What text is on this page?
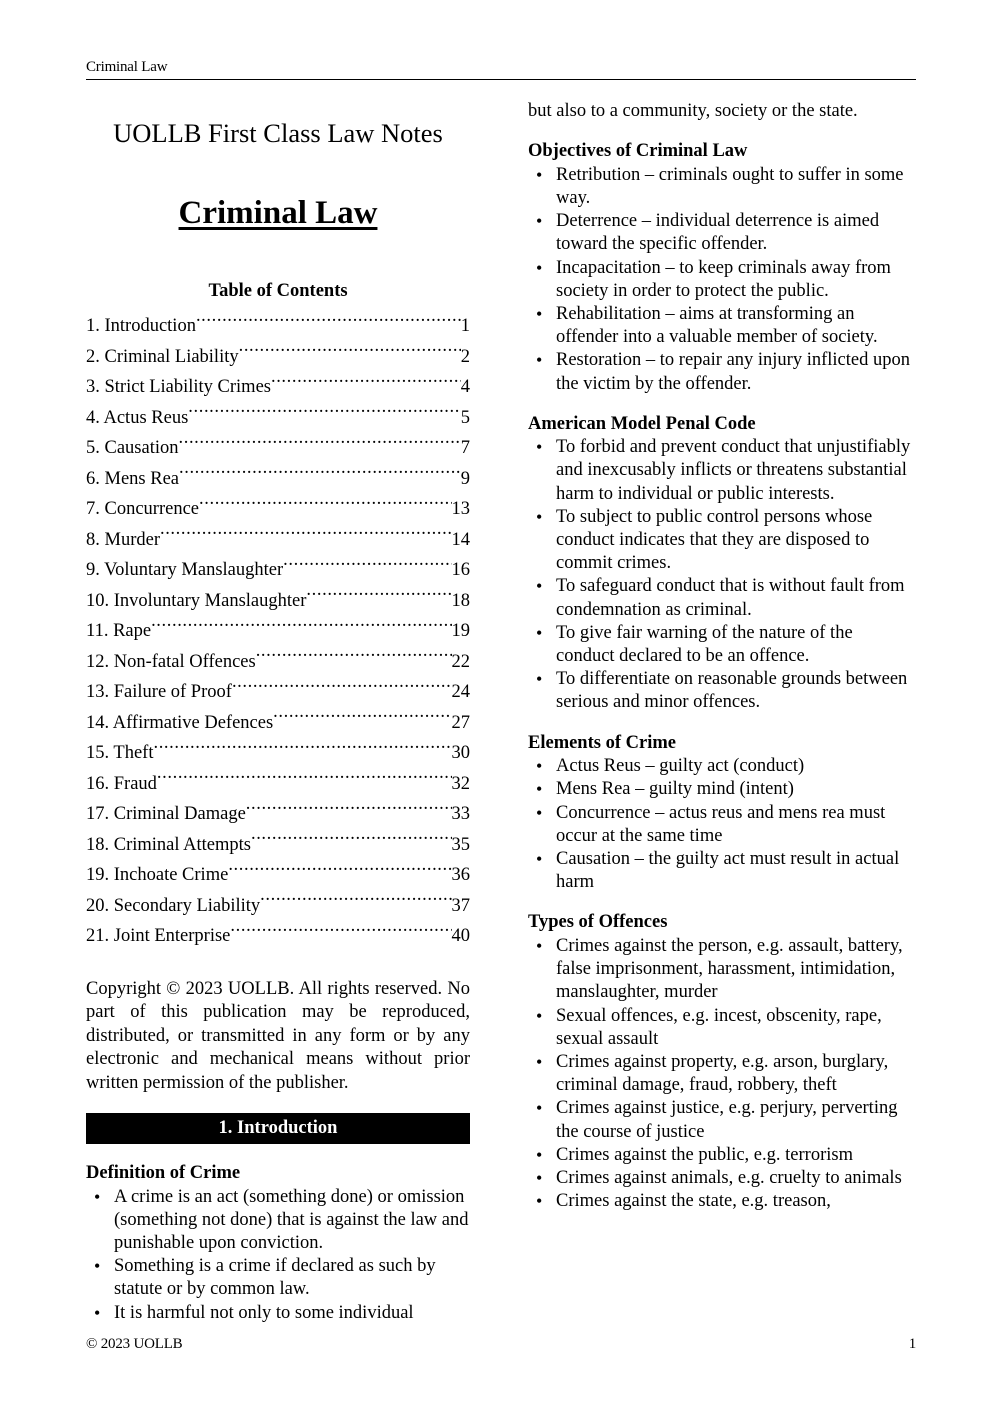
Criminal Law
UOLLB First Class Law Notes
Criminal Law
Table of Contents
1. Introduction .....	1
2. Criminal Liability .....	2
3. Strict Liability Crimes .....	4
4. Actus Reus .....	5
5. Causation .....	7
6. Mens Rea .....	9
7. Concurrence .....	13
8. Murder .....	14
9. Voluntary Manslaughter .....	16
10. Involuntary Manslaughter .....	18
11. Rape .....	19
12. Non-fatal Offences .....	22
13. Failure of Proof .....	24
14. Affirmative Defences .....	27
15. Theft .....	30
16. Fraud .....	32
17. Criminal Damage .....	33
18. Criminal Attempts .....	35
19. Inchoate Crime .....	36
20. Secondary Liability .....	37
21. Joint Enterprise .....	40
Copyright © 2023 UOLLB. All rights reserved. No part of this publication may be reproduced, distributed, or transmitted in any form or by any electronic and mechanical means without prior written permission of the publisher.
1. Introduction
Definition of Crime
• A crime is an act (something done) or omission (something not done) that is against the law and punishable upon conviction.
• Something is a crime if declared as such by statute or by common law.
• It is harmful not only to some individual
but also to a community, society or the state.
Objectives of Criminal Law
• Retribution – criminals ought to suffer in some way.
• Deterrence – individual deterrence is aimed toward the specific offender.
• Incapacitation – to keep criminals away from society in order to protect the public.
• Rehabilitation – aims at transforming an offender into a valuable member of society.
• Restoration – to repair any injury inflicted upon the victim by the offender.
American Model Penal Code
• To forbid and prevent conduct that unjustifiably and inexcusably inflicts or threatens substantial harm to individual or public interests.
• To subject to public control persons whose conduct indicates that they are disposed to commit crimes.
• To safeguard conduct that is without fault from condemnation as criminal.
• To give fair warning of the nature of the conduct declared to be an offence.
• To differentiate on reasonable grounds between serious and minor offences.
Elements of Crime
• Actus Reus – guilty act (conduct)
• Mens Rea – guilty mind (intent)
• Concurrence – actus reus and mens rea must occur at the same time
• Causation – the guilty act must result in actual harm
Types of Offences
• Crimes against the person, e.g. assault, battery, false imprisonment, harassment, intimidation, manslaughter, murder
• Sexual offences, e.g. incest, obscenity, rape, sexual assault
• Crimes against property, e.g. arson, burglary, criminal damage, fraud, robbery, theft
• Crimes against justice, e.g. perjury, perverting the course of justice
• Crimes against the public, e.g. terrorism
• Crimes against animals, e.g. cruelty to animals
• Crimes against the state, e.g. treason,
© 2023 UOLLB	1
